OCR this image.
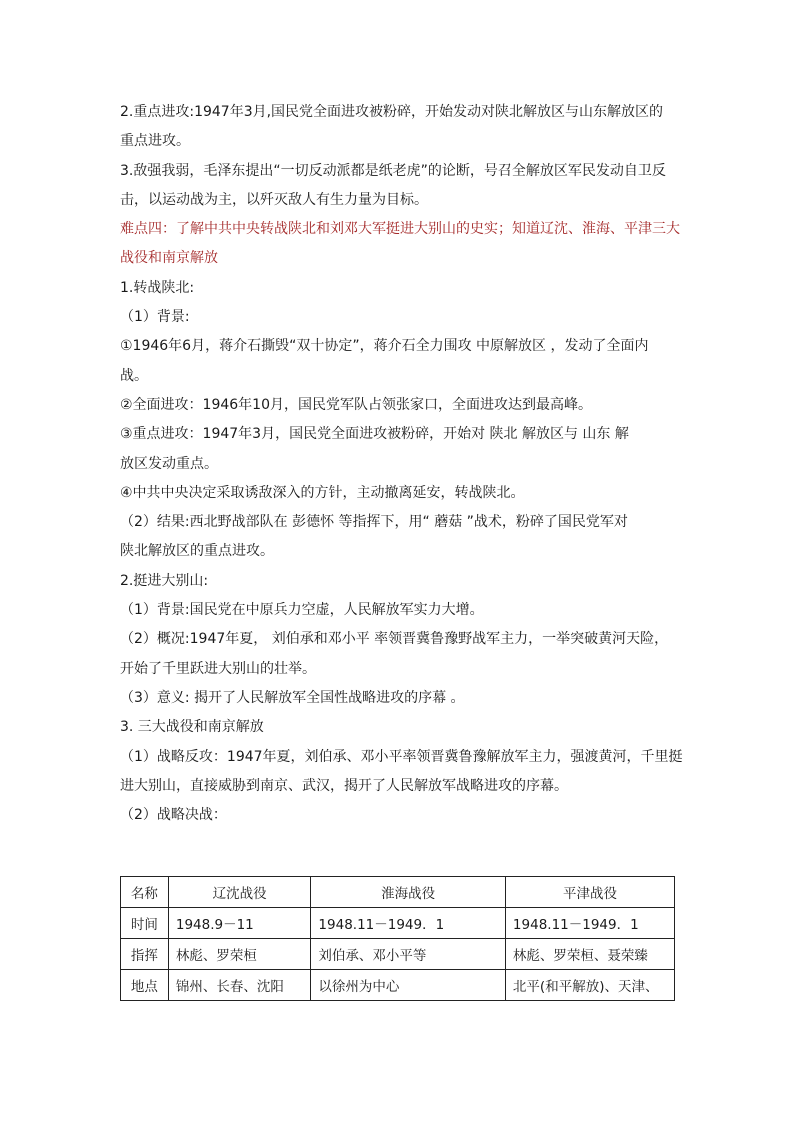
2.重点进攻:1947年3月,国民党全面进攻被粉碎，开始发动对陕北解放区与山东解放区的
重点进攻。
3.敌强我弱，毛泽东提出“一切反动派都是纸老虎”的论断，号召全解放区军民发动自卫反
击，以运动战为主，以歼灭敌人有生力量为目标。
难点四：了解中共中央转战陕北和刘邓大军挺进大别山的史实；知道辽沈、淮海、平津三大
战役和南京解放
1.转战陕北:
（1）背景:
①1946年6月，蒋介石撕毁“双十协定”，蒋介石全力围攻 中原解放区 ，发动了全面内
战。
②全面进攻：1946年10月，国民党军队占领张家口，全面进攻达到最高峰。
③重点进攻：1947年3月，国民党全面进攻被粉碎，开始对 陕北 解放区与 山东 解
放区发动重点。
④中共中央决定采取诱敌深入的方针，主动撤离延安，转战陕北。
（2）结果:西北野战部队在 彭德怀 等指挥下，用“ 蘑菇 ”战术，粉碎了国民党军对
陕北解放区的重点进攻。
2.挺进大别山:
（1）背景:国民党在中原兵力空虚，人民解放军实力大增。
（2）概况:1947年夏， 刘伯承和邓小平 率领晋冀鲁豫野战军主力，一举突破黄河天险，
开始了千里跃进大别山的壮举。
（3）意义: 揭开了人民解放军全国性战略进攻的序幕 。
3. 三大战役和南京解放
（1）战略反攻：1947年夏，刘伯承、邓小平率领晋冀鲁豫解放军主力，强渡黄河，千里挺
进大别山，直接威胁到南京、武汉，揭开了人民解放军战略进攻的序幕。
（2）战略决战：
名称	辽沈战役	淮海战役	平津战役
时间	1948.9－11	1948.11－1949．1	1948.11－1949．1
指挥	林彪、罗荣桓	刘伯承、邓小平等	林彪、罗荣桓、聂荣臻
地点	锦州、长春、沈阳	以徐州为中心	北平(和平解放)、天津、
